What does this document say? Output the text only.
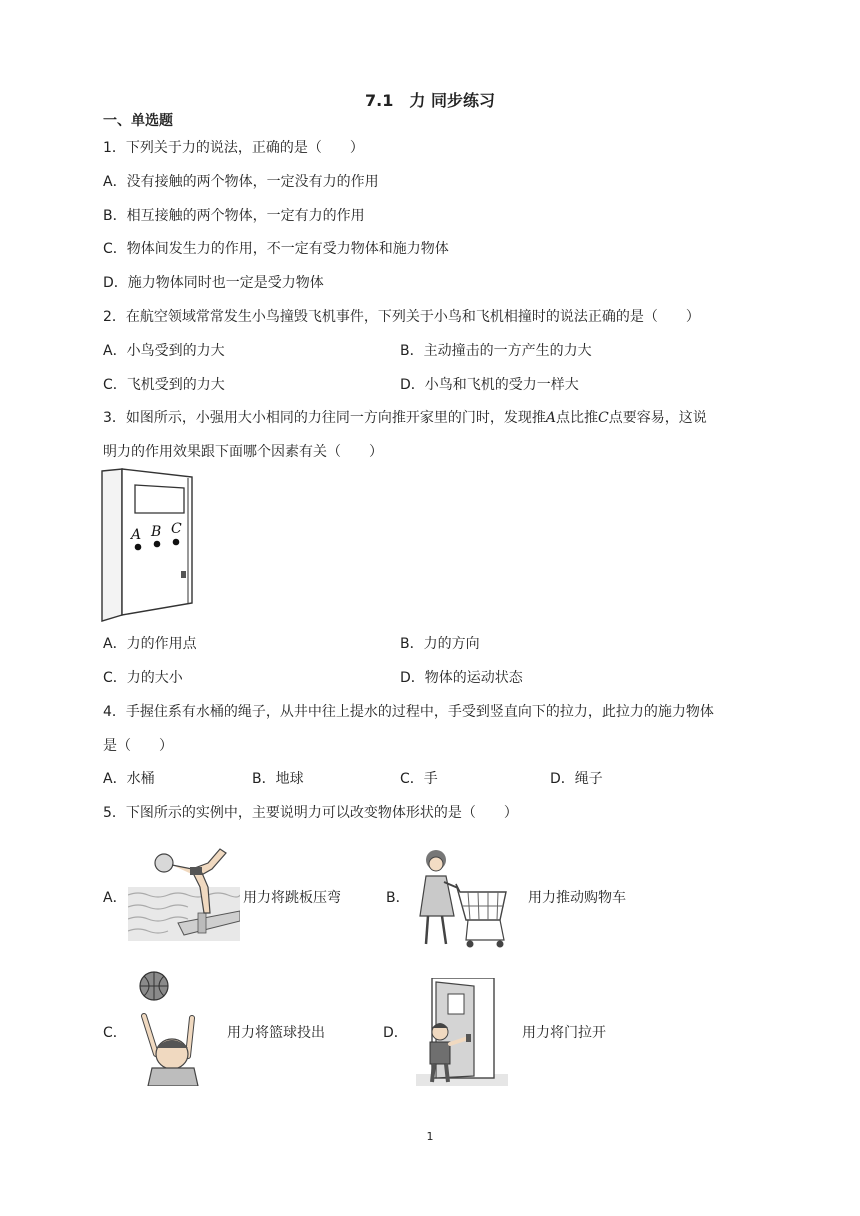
7.1　力 同步练习
一、单选题
1．下列关于力的说法，正确的是（　　）
A．没有接触的两个物体，一定没有力的作用
B．相互接触的两个物体，一定有力的作用
C．物体间发生力的作用，不一定有受力物体和施力物体
D．施力物体同时也一定是受力物体
2．在航空领域常常发生小鸟撞毁飞机事件，下列关于小鸟和飞机相撞时的说法正确的是（　　）
A．小鸟受到的力大	B．主动撞击的一方产生的力大
C．飞机受到的力大	D．小鸟和飞机的受力一样大
3．如图所示，小强用大小相同的力往同一方向推开家里的门时，发现推A点比推C点要容易，这说
明力的作用效果跟下面哪个因素有关（　　）
A B C
A．力的作用点	B．力的方向
C．力的大小	D．物体的运动状态
4．手握住系有水桶的绳子，从井中往上提水的过程中，手受到竖直向下的拉力，此拉力的施力物体
是（　　）
A．水桶	B．地球	C．手	D．绳子
5．下图所示的实例中，主要说明力可以改变物体形状的是（　　）
A．	用力将跳板压弯	B．	用力推动购物车
C．	用力将篮球投出	D．	用力将门拉开
1
